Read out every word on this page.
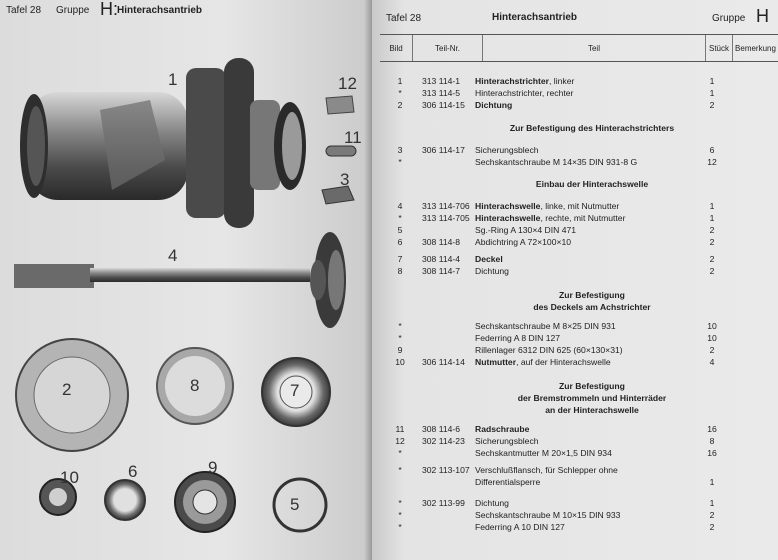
Tafel 28 Gruppe H: Hinterachsantrieb
1	12
11
3
4
2	8	7
10	6	9
5
Tafel 28	Hinterachsantrieb	Gruppe H
Bild	Teil-Nr.	Teil	Stück Bemerkung
1	313 114-1 Hinterachstrichter, linker	1
*	313 114-5 Hinterachstrichter, rechter	1
2	306 114-15 Dichtung	2
Zur Befestigung des Hinterachstrichters
3	306 114-17 Sicherungsblech	6
*	Sechskantschraube M 14×35 DIN 931-8 G	12
Einbau der Hinterachswelle
4	313 114-706 Hinterachswelle, linke, mit Nutmutter	1
*	313 114-705 Hinterachswelle, rechte, mit Nutmutter	1
5	Sg.-Ring A 130×4 DIN 471	2
6	308 114-8 Abdichtring A 72×100×10	2
7	308 114-4 Deckel	2
8	308 114-7 Dichtung	2
Zur Befestigung
des Deckels am Achstrichter
*	Sechskantschraube M 8×25 DIN 931	10
*	Federring A 8 DIN 127	10
9	Rillenlager 6312 DIN 625 (60×130×31)	2
10	306 114-14 Nutmutter, auf der Hinterachswelle	4
Zur Befestigung
der Bremstrommeln und Hinterräder
an der Hinterachswelle
11	308 114-6 Radschraube	16
12	302 114-23 Sicherungsblech	8
*	Sechskantmutter M 20×1,5 DIN 934	16
*	302 113-107 Verschlußflansch, für Schlepper ohne
Differentialsperre	1
*	302 113-99 Dichtung	1
*	Sechskantschraube M 10×15 DIN 933	2
*	Federring A 10 DIN 127	2
